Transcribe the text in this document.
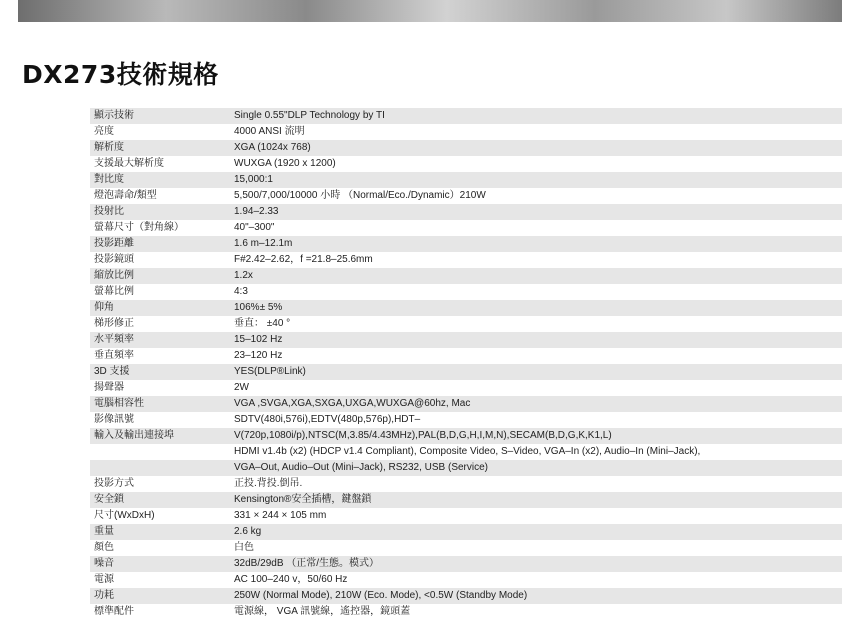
DX273技術規格
顯示技術	Single 0.55"DLP Technology by TI
亮度	4000 ANSI 流明
解析度	XGA (1024x 768)
支援最大解析度	WUXGA (1920 x 1200)
對比度	15,000:1
燈泡壽命/類型	5,500/7,000/10000 小時 （Normal/Eco./Dynamic）210W
投射比	1.94–2.33
螢幕尺寸（對角線）	40"–300"
投影距離	1.6 m–12.1m
投影鏡頭	F#2.42–2.62，f =21.8–25.6mm
縮放比例	1.2x
螢幕比例	4:3
仰角	106%± 5%
梯形修正	垂直： ±40 °
水平頻率	15–102 Hz
垂直頻率	23–120 Hz
3D 支援	YES(DLP®Link)
揚聲器	2W
電腦相容性	VGA ,SVGA,XGA,SXGA,UXGA,WUXGA@60hz, Mac
影像訊號	SDTV(480i,576i),EDTV(480p,576p),HDT–
輸入及輸出連接埠	V(720p,1080i/p),NTSC(M,3.85/4.43MHz),PAL(B,D,G,H,I,M,N),SECAM(B,D,G,K,K1,L)
	HDMI v1.4b (x2) (HDCP v1.4 Compliant), Composite Video, S–Video, VGA–In (x2), Audio–In (Mini–Jack),
	VGA–Out, Audio–Out (Mini–Jack), RS232, USB (Service)
投影方式	正投.背投.倒吊.
安全鎖	Kensington®安全插槽，鍵盤鎖
尺寸(WxDxH)	331 × 244 × 105 mm
重量	2.6 kg
顏色	白色
噪音	32dB/29dB （正常/生態。模式）
電源	AC 100–240 v，50/60 Hz
功耗	250W (Normal Mode), 210W (Eco. Mode), <0.5W (Standby Mode)
標準配件	電源線， VGA 訊號線，遙控器，鏡頭蓋
